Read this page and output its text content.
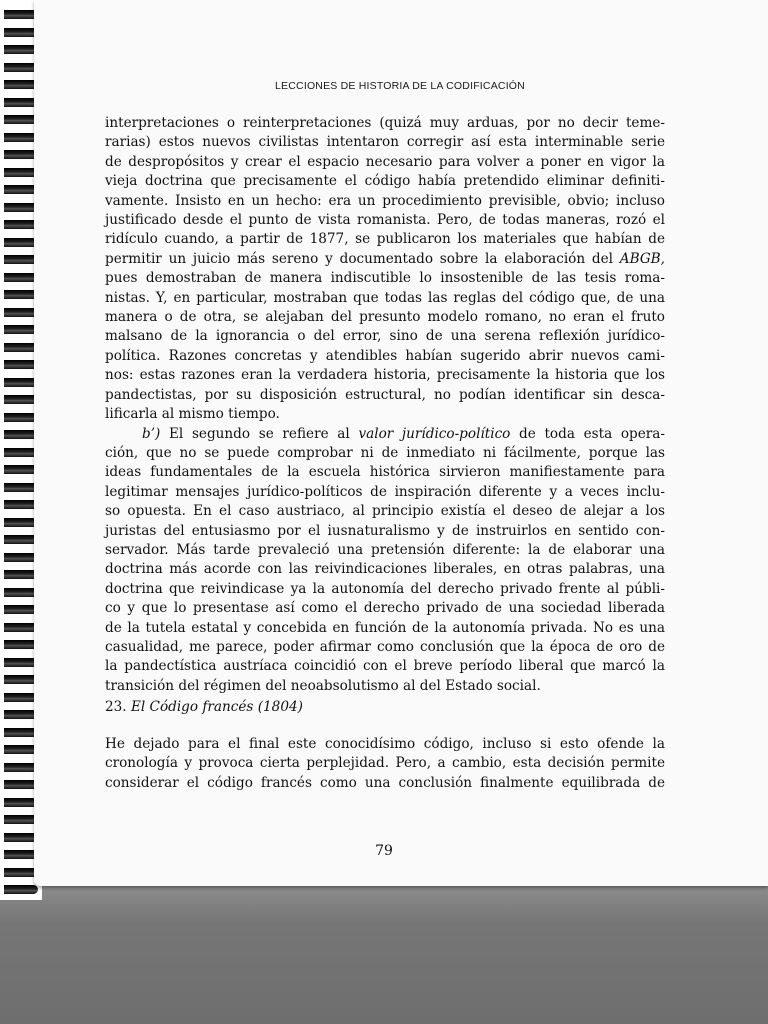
LECCIONES DE HISTORIA DE LA CODIFICACIÓN
interpretaciones o reinterpretaciones (quizá muy arduas, por no decir teme-
rarias) estos nuevos civilistas intentaron corregir así esta interminable serie
de despropósitos y crear el espacio necesario para volver a poner en vigor la
vieja doctrina que precisamente el código había pretendido eliminar definiti-
vamente. Insisto en un hecho: era un procedimiento previsible, obvio; incluso
justificado desde el punto de vista romanista. Pero, de todas maneras, rozó el
ridículo cuando, a partir de 1877, se publicaron los materiales que habían de
permitir un juicio más sereno y documentado sobre la elaboración del ABGB,
pues demostraban de manera indiscutible lo insostenible de las tesis roma-
nistas. Y, en particular, mostraban que todas las reglas del código que, de una
manera o de otra, se alejaban del presunto modelo romano, no eran el fruto
malsano de la ignorancia o del error, sino de una serena reflexión jurídico-
política. Razones concretas y atendibles habían sugerido abrir nuevos cami-
nos: estas razones eran la verdadera historia, precisamente la historia que los
pandectistas, por su disposición estructural, no podían identificar sin desca-
lificarla al mismo tiempo.
b’) El segundo se refiere al valor jurídico-político de toda esta opera-
ción, que no se puede comprobar ni de inmediato ni fácilmente, porque las
ideas fundamentales de la escuela histórica sirvieron manifiestamente para
legitimar mensajes jurídico-políticos de inspiración diferente y a veces inclu-
so opuesta. En el caso austriaco, al principio existía el deseo de alejar a los
juristas del entusiasmo por el iusnaturalismo y de instruirlos en sentido con-
servador. Más tarde prevaleció una pretensión diferente: la de elaborar una
doctrina más acorde con las reivindicaciones liberales, en otras palabras, una
doctrina que reivindicase ya la autonomía del derecho privado frente al públi-
co y que lo presentase así como el derecho privado de una sociedad liberada
de la tutela estatal y concebida en función de la autonomía privada. No es una
casualidad, me parece, poder afirmar como conclusión que la época de oro de
la pandectística austríaca coincidió con el breve período liberal que marcó la
transición del régimen del neoabsolutismo al del Estado social.
23. El Código francés (1804)
He dejado para el final este conocidísimo código, incluso si esto ofende la
cronología y provoca cierta perplejidad. Pero, a cambio, esta decisión permite
considerar el código francés como una conclusión finalmente equilibrada de
79
